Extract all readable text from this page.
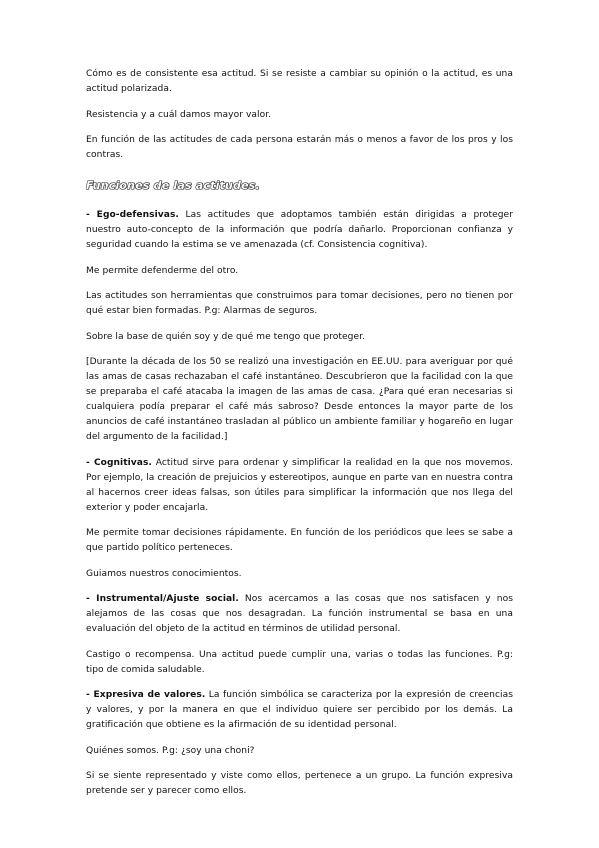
Cómo es de consistente esa actitud. Si se resiste a cambiar su opinión o la actitud, es una actitud polarizada.

Resistencia y a cuál damos mayor valor.

En función de las actitudes de cada persona estarán más o menos a favor de los pros y los contras.

Funciones de las actitudes.

- Ego-defensivas. Las actitudes que adoptamos también están dirigidas a proteger nuestro auto-concepto de la información que podría dañarlo. Proporcionan confianza y seguridad cuando la estima se ve amenazada (cf. Consistencia cognitiva).

Me permite defenderme del otro.

Las actitudes son herramientas que construimos para tomar decisiones, pero no tienen por qué estar bien formadas. P.g: Alarmas de seguros.

Sobre la base de quién soy y de qué me tengo que proteger.

[Durante la década de los 50 se realizó una investigación en EE.UU. para averiguar por qué las amas de casas rechazaban el café instantáneo. Descubrieron que la facilidad con la que se preparaba el café atacaba la imagen de las amas de casa. ¿Para qué eran necesarias si cualquiera podía preparar el café más sabroso? Desde entonces la mayor parte de los anuncios de café instantáneo trasladan al público un ambiente familiar y hogareño en lugar del argumento de la facilidad.]

- Cognitivas. Actitud sirve para ordenar y simplificar la realidad en la que nos movemos. Por ejemplo, la creación de prejuicios y estereotipos, aunque en parte van en nuestra contra al hacernos creer ideas falsas, son útiles para simplificar la información que nos llega del exterior y poder encajarla.

Me permite tomar decisiones rápidamente. En función de los periódicos que lees se sabe a que partido político perteneces.

Guiamos nuestros conocimientos.

- Instrumental/Ajuste social. Nos acercamos a las cosas que nos satisfacen y nos alejamos de las cosas que nos desagradan. La función instrumental se basa en una evaluación del objeto de la actitud en términos de utilidad personal.

Castigo o recompensa. Una actitud puede cumplir una, varias o todas las funciones. P.g: tipo de comida saludable.

- Expresiva de valores. La función simbólica se caracteriza por la expresión de creencias y valores, y por la manera en que el individuo quiere ser percibido por los demás. La gratificación que obtiene es la afirmación de su identidad personal.

Quiénes somos. P.g: ¿soy una choni?

Si se siente representado y viste como ellos, pertenece a un grupo. La función expresiva pretende ser y parecer como ellos.
